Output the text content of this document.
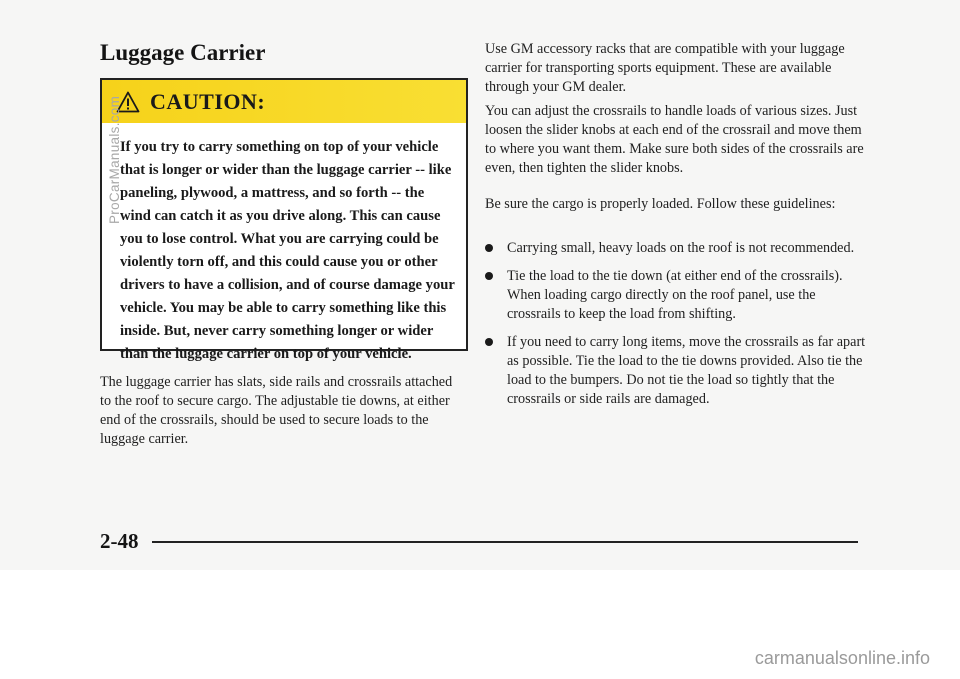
Luggage Carrier
CAUTION:

If you try to carry something on top of your vehicle that is longer or wider than the luggage carrier -- like paneling, plywood, a mattress, and so forth -- the wind can catch it as you drive along. This can cause you to lose control. What you are carrying could be violently torn off, and this could cause you or other drivers to have a collision, and of course damage your vehicle. You may be able to carry something like this inside. But, never carry something longer or wider than the luggage carrier on top of your vehicle.

The luggage carrier has slats, side rails and crossrails attached to the roof to secure cargo. The adjustable tie downs, at either end of the crossrails, should be used to secure loads to the luggage carrier.

Use GM accessory racks that are compatible with your luggage carrier for transporting sports equipment. These are available through your GM dealer.

You can adjust the crossrails to handle loads of various sizes. Just loosen the slider knobs at each end of the crossrail and move them to where you want them. Make sure both sides of the crossrails are even, then tighten the slider knobs.

Be sure the cargo is properly loaded. Follow these guidelines:

Carrying small, heavy loads on the roof is not recommended.
Tie the load to the tie down (at either end of the crossrails). When loading cargo directly on the roof panel, use the crossrails to keep the load from shifting.
If you need to carry long items, move the crossrails as far apart as possible. Tie the load to the tie downs provided. Also tie the load to the bumpers. Do not tie the load so tightly that the crossrails or side rails are damaged.
2-48
ProCarManuals.com
carmanualsonline.info
